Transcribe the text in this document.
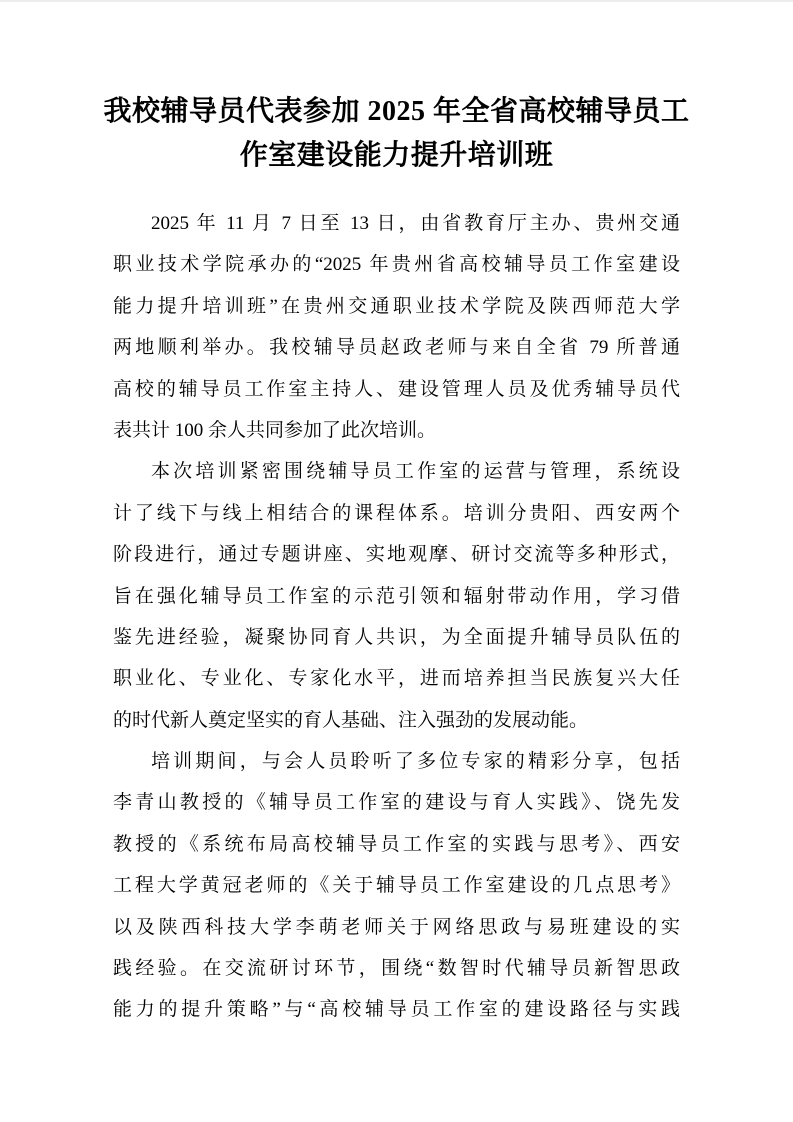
我校辅导员代表参加 2025 年全省高校辅导员工
作室建设能力提升培训班
2025 年 11 月 7 日至 13 日，由省教育厅主办、贵州交通
职业技术学院承办的“2025 年贵州省高校辅导员工作室建设
能力提升培训班”在贵州交通职业技术学院及陕西师范大学
两地顺利举办。我校辅导员赵政老师与来自全省 79 所普通
高校的辅导员工作室主持人、建设管理人员及优秀辅导员代
表共计 100 余人共同参加了此次培训。
本次培训紧密围绕辅导员工作室的运营与管理，系统设
计了线下与线上相结合的课程体系。培训分贵阳、西安两个
阶段进行，通过专题讲座、实地观摩、研讨交流等多种形式，
旨在强化辅导员工作室的示范引领和辐射带动作用，学习借
鉴先进经验，凝聚协同育人共识，为全面提升辅导员队伍的
职业化、专业化、专家化水平，进而培养担当民族复兴大任
的时代新人奠定坚实的育人基础、注入强劲的发展动能。
培训期间，与会人员聆听了多位专家的精彩分享，包括
李青山教授的《辅导员工作室的建设与育人实践》、饶先发
教授的《系统布局高校辅导员工作室的实践与思考》、西安
工程大学黄冠老师的《关于辅导员工作室建设的几点思考》
以及陕西科技大学李萌老师关于网络思政与易班建设的实
践经验。在交流研讨环节，围绕“数智时代辅导员新智思政
能力的提升策略”与“高校辅导员工作室的建设路径与实践
